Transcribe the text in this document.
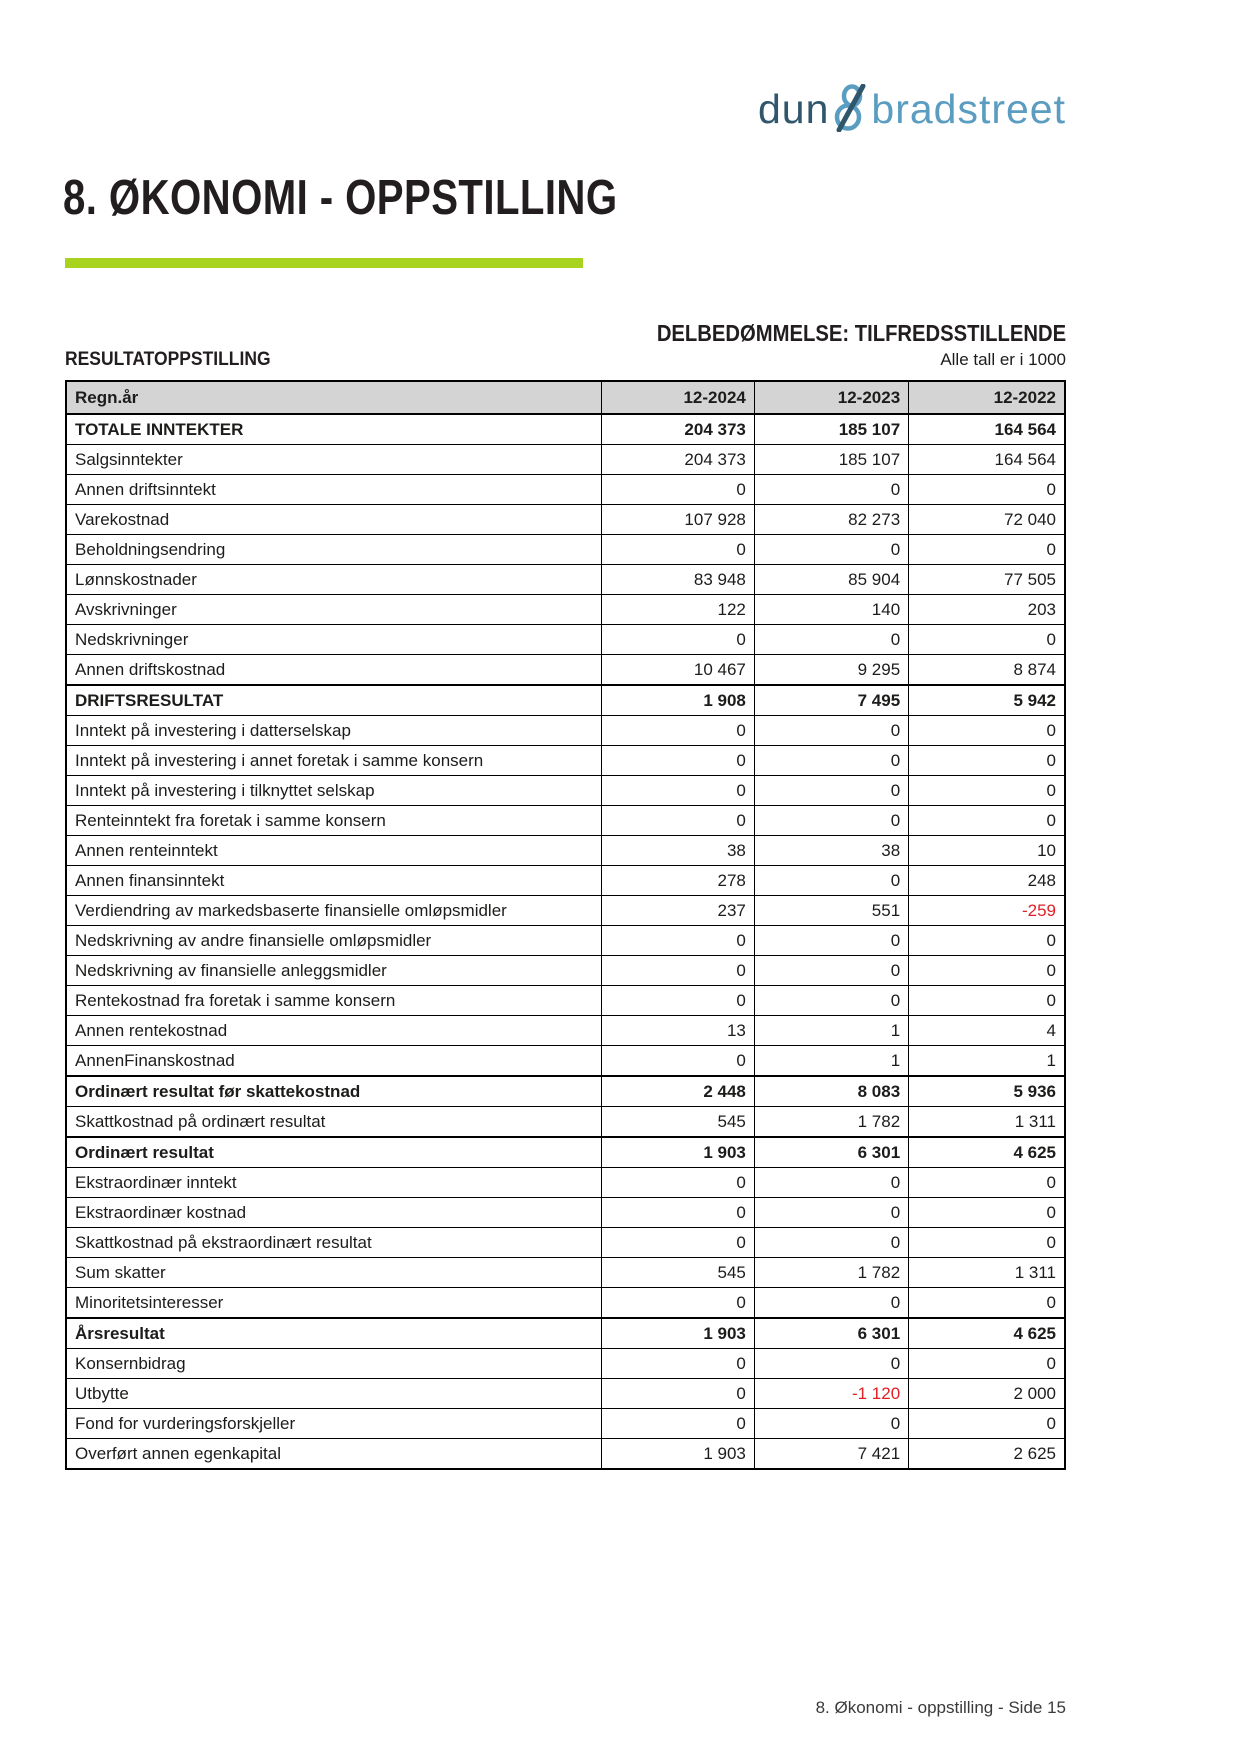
dun bradstreet
8. ØKONOMI - OPPSTILLING
DELBEDØMMELSE: TILFREDSSTILLENDE
RESULTATOPPSTILLING	Alle tall er i 1000
Regn.år	12-2024	12-2023	12-2022
TOTALE INNTEKTER	204 373	185 107	164 564
Salgsinntekter	204 373	185 107	164 564
Annen driftsinntekt	0	0	0
Varekostnad	107 928	82 273	72 040
Beholdningsendring	0	0	0
Lønnskostnader	83 948	85 904	77 505
Avskrivninger	122	140	203
Nedskrivninger	0	0	0
Annen driftskostnad	10 467	9 295	8 874
DRIFTSRESULTAT	1 908	7 495	5 942
Inntekt på investering i datterselskap	0	0	0
Inntekt på investering i annet foretak i samme konsern	0	0	0
Inntekt på investering i tilknyttet selskap	0	0	0
Renteinntekt fra foretak i samme konsern	0	0	0
Annen renteinntekt	38	38	10
Annen finansinntekt	278	0	248
Verdiendring av markedsbaserte finansielle omløpsmidler	237	551	-259
Nedskrivning av andre finansielle omløpsmidler	0	0	0
Nedskrivning av finansielle anleggsmidler	0	0	0
Rentekostnad fra foretak i samme konsern	0	0	0
Annen rentekostnad	13	1	4
AnnenFinanskostnad	0	1	1
Ordinært resultat før skattekostnad	2 448	8 083	5 936
Skattkostnad på ordinært resultat	545	1 782	1 311
Ordinært resultat	1 903	6 301	4 625
Ekstraordinær inntekt	0	0	0
Ekstraordinær kostnad	0	0	0
Skattkostnad på ekstraordinært resultat	0	0	0
Sum skatter	545	1 782	1 311
Minoritetsinteresser	0	0	0
Årsresultat	1 903	6 301	4 625
Konsernbidrag	0	0	0
Utbytte	0	-1 120	2 000
Fond for vurderingsforskjeller	0	0	0
Overført annen egenkapital	1 903	7 421	2 625
8. Økonomi - oppstilling - Side 15
